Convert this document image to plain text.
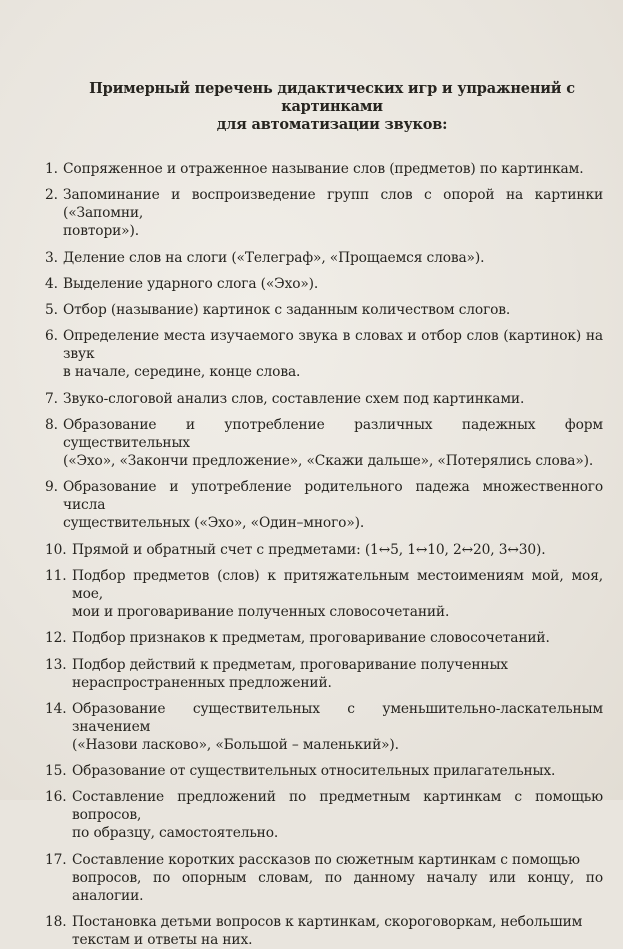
Примерный перечень дидактических игр и упражнений с картинками
для автоматизации звуков:
1. Сопряженное и отраженное называние слов (предметов) по картинкам.
2. Запоминание и воспроизведение групп слов с опорой на картинки («Запомни,
повтори»).
3. Деление слов на слоги («Телеграф», «Прощаемся слова»).
4. Выделение ударного слога («Эхо»).
5. Отбор (называние) картинок с заданным количеством слогов.
6. Определение места изучаемого звука в словах и отбор слов (картинок) на звук
в начале, середине, конце слова.
7. Звуко-слоговой анализ слов, составление схем под картинками.
8. Образование и употребление различных падежных форм существительных
(«Эхо», «Закончи предложение», «Скажи дальше», «Потерялись слова»).
9. Образование и употребление родительного падежа множественного числа
существительных («Эхо», «Один–много»).
10. Прямой и обратный счет с предметами: (1↔5, 1↔10, 2↔20, 3↔30).
11. Подбор предметов (слов) к притяжательным местоимениям мой, моя, мое,
мои и проговаривание полученных словосочетаний.
12. Подбор признаков к предметам, проговаривание словосочетаний.
13. Подбор действий к предметам, проговаривание полученных
нераспространенных предложений.
14. Образование существительных с уменьшительно-ласкательным значением
(«Назови ласково», «Большой – маленький»).
15. Образование от существительных относительных прилагательных.
16. Составление предложений по предметным картинкам с помощью вопросов,
по образцу, самостоятельно.
17. Составление коротких рассказов по сюжетным картинкам с помощью
вопросов, по опорным словам, по данному началу или концу, по аналогии.
18. Постановка детьми вопросов к картинкам, скороговоркам, небольшим
текстам и ответы на них.
